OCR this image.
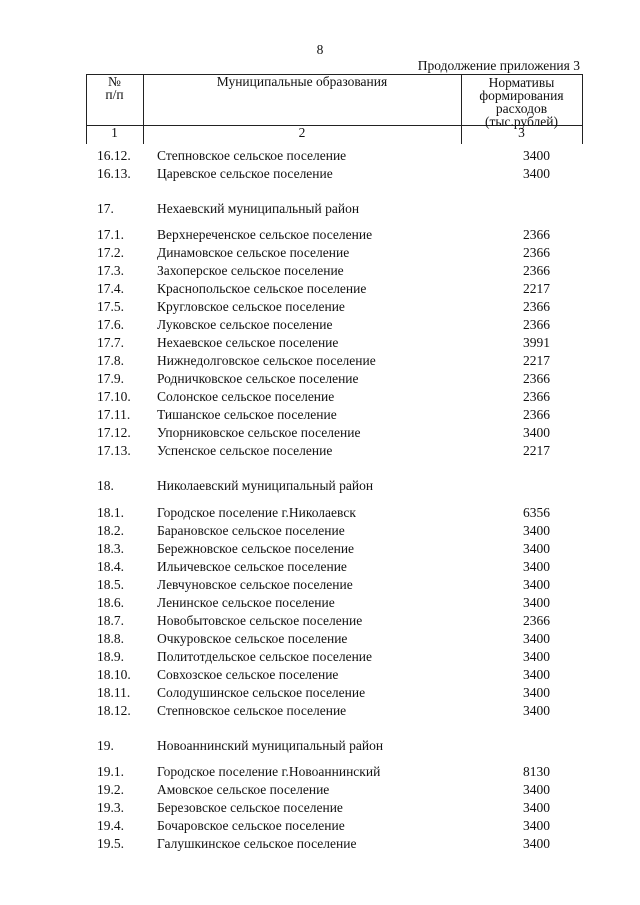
8
Продолжение приложения 3
№
п/п
Муниципальные образования	Нормативы
формирования
расходов
(тыс.рублей)
1	2	3
16.12. Степновское сельское поселение	3400
16.13. Царевское сельское поселение	3400
17.	Нехаевский муниципальный район
17.1. Верхнереченское сельское поселение	2366
17.2. Динамовское сельское поселение	2366
17.3. Захоперское сельское поселение	2366
17.4. Краснопольское сельское поселение	2217
17.5. Кругловское сельское поселение	2366
17.6. Луковское сельское поселение	2366
17.7. Нехаевское сельское поселение	3991
17.8. Нижнедолговское сельское поселение	2217
17.9. Родничковское сельское поселение	2366
17.10. Солонское сельское поселение	2366
17.11. Тишанское сельское поселение	2366
17.12. Упорниковское сельское поселение	3400
17.13. Успенское сельское поселение	2217
18.	Николаевский муниципальный район
18.1. Городское поселение г.Николаевск	6356
18.2. Барановское сельское поселение	3400
18.3. Бережновское сельское поселение	3400
18.4. Ильичевское сельское поселение	3400
18.5. Левчуновское сельское поселение	3400
18.6. Ленинское сельское поселение	3400
18.7. Новобытовское сельское поселение	2366
18.8. Очкуровское сельское поселение	3400
18.9. Политотдельское сельское поселение	3400
18.10. Совхозское сельское поселение	3400
18.11. Солодушинское сельское поселение	3400
18.12. Степновское сельское поселение	3400
19.	Новоаннинский муниципальный район
19.1. Городское поселение г.Новоаннинский	8130
19.2. Амовское сельское поселение	3400
19.3. Березовское сельское поселение	3400
19.4. Бочаровское сельское поселение	3400
19.5. Галушкинское сельское поселение	3400
